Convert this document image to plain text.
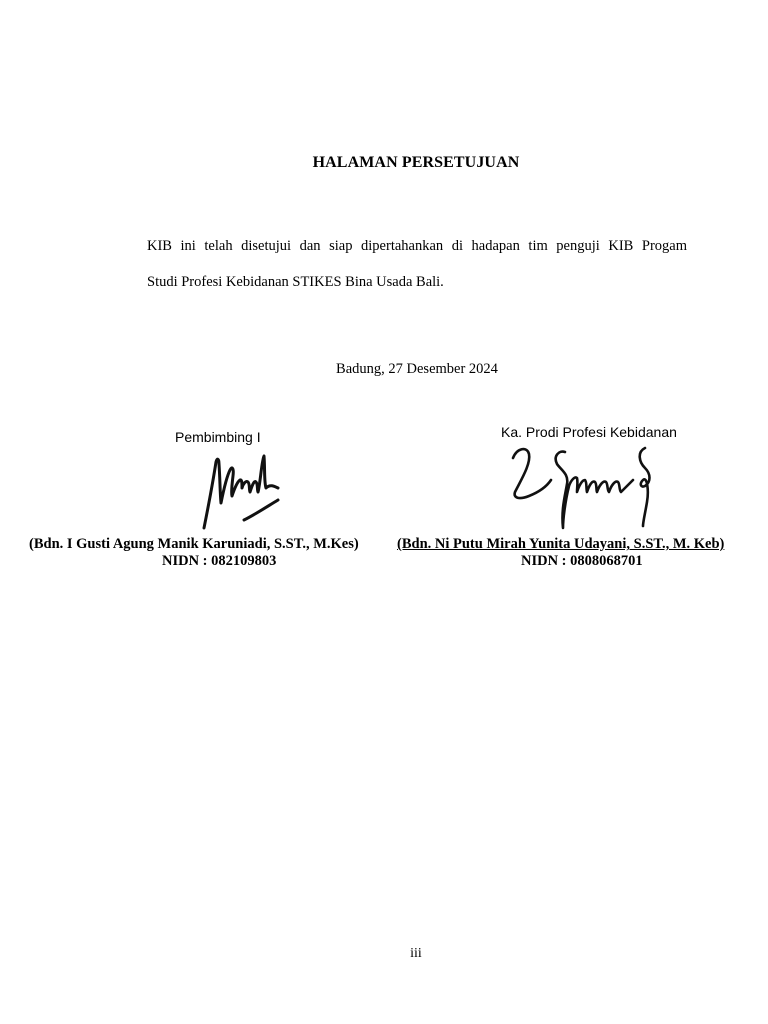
HALAMAN PERSETUJUAN
KIB ini telah disetujui dan siap dipertahankan di hadapan tim penguji KIB Progam
Studi Profesi Kebidanan STIKES Bina Usada Bali.
Badung, 27 Desember 2024
Pembimbing I	Ka. Prodi Profesi Kebidanan
(Bdn. I Gusti Agung Manik Karuniadi, S.ST., M.Kes)	(Bdn. Ni Putu Mirah Yunita Udayani, S.ST., M. Keb)
NIDN : 082109803	NIDN : 0808068701
iii
